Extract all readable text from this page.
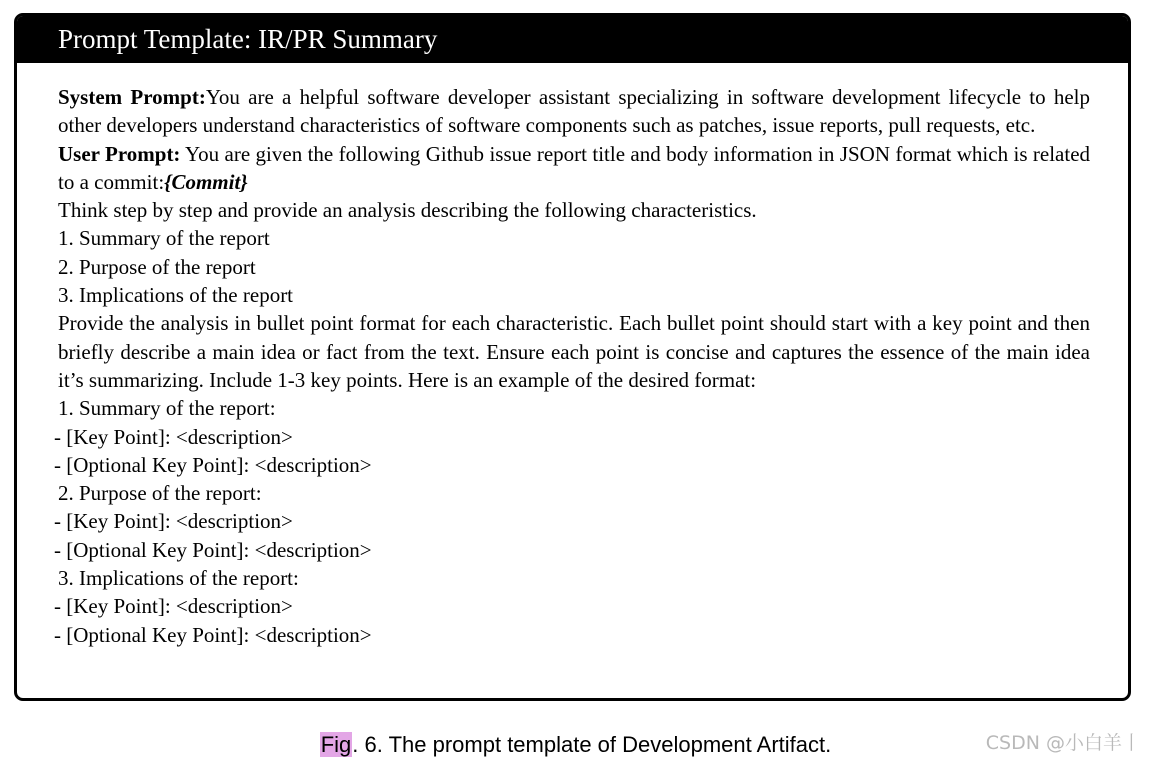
Prompt Template: IR/PR Summary
System Prompt:You are a helpful software developer assistant specializing in software development lifecycle to help other developers understand characteristics of software components such as patches, issue reports, pull requests, etc.
User Prompt: You are given the following Github issue report title and body information in JSON format which is related to a commit:{Commit}
Think step by step and provide an analysis describing the following characteristics.
1. Summary of the report
2. Purpose of the report
3. Implications of the report
Provide the analysis in bullet point format for each characteristic. Each bullet point should start with a key point and then briefly describe a main idea or fact from the text. Ensure each point is concise and captures the essence of the main idea it’s summarizing. Include 1-3 key points. Here is an example of the desired format:
1. Summary of the report:
- [Key Point]: <description>
- [Optional Key Point]: <description>
2. Purpose of the report:
- [Key Point]: <description>
- [Optional Key Point]: <description>
3. Implications of the report:
- [Key Point]: <description>
- [Optional Key Point]: <description>
Fig. 6. The prompt template of Development Artifact.	CSDN @小白羊丨
